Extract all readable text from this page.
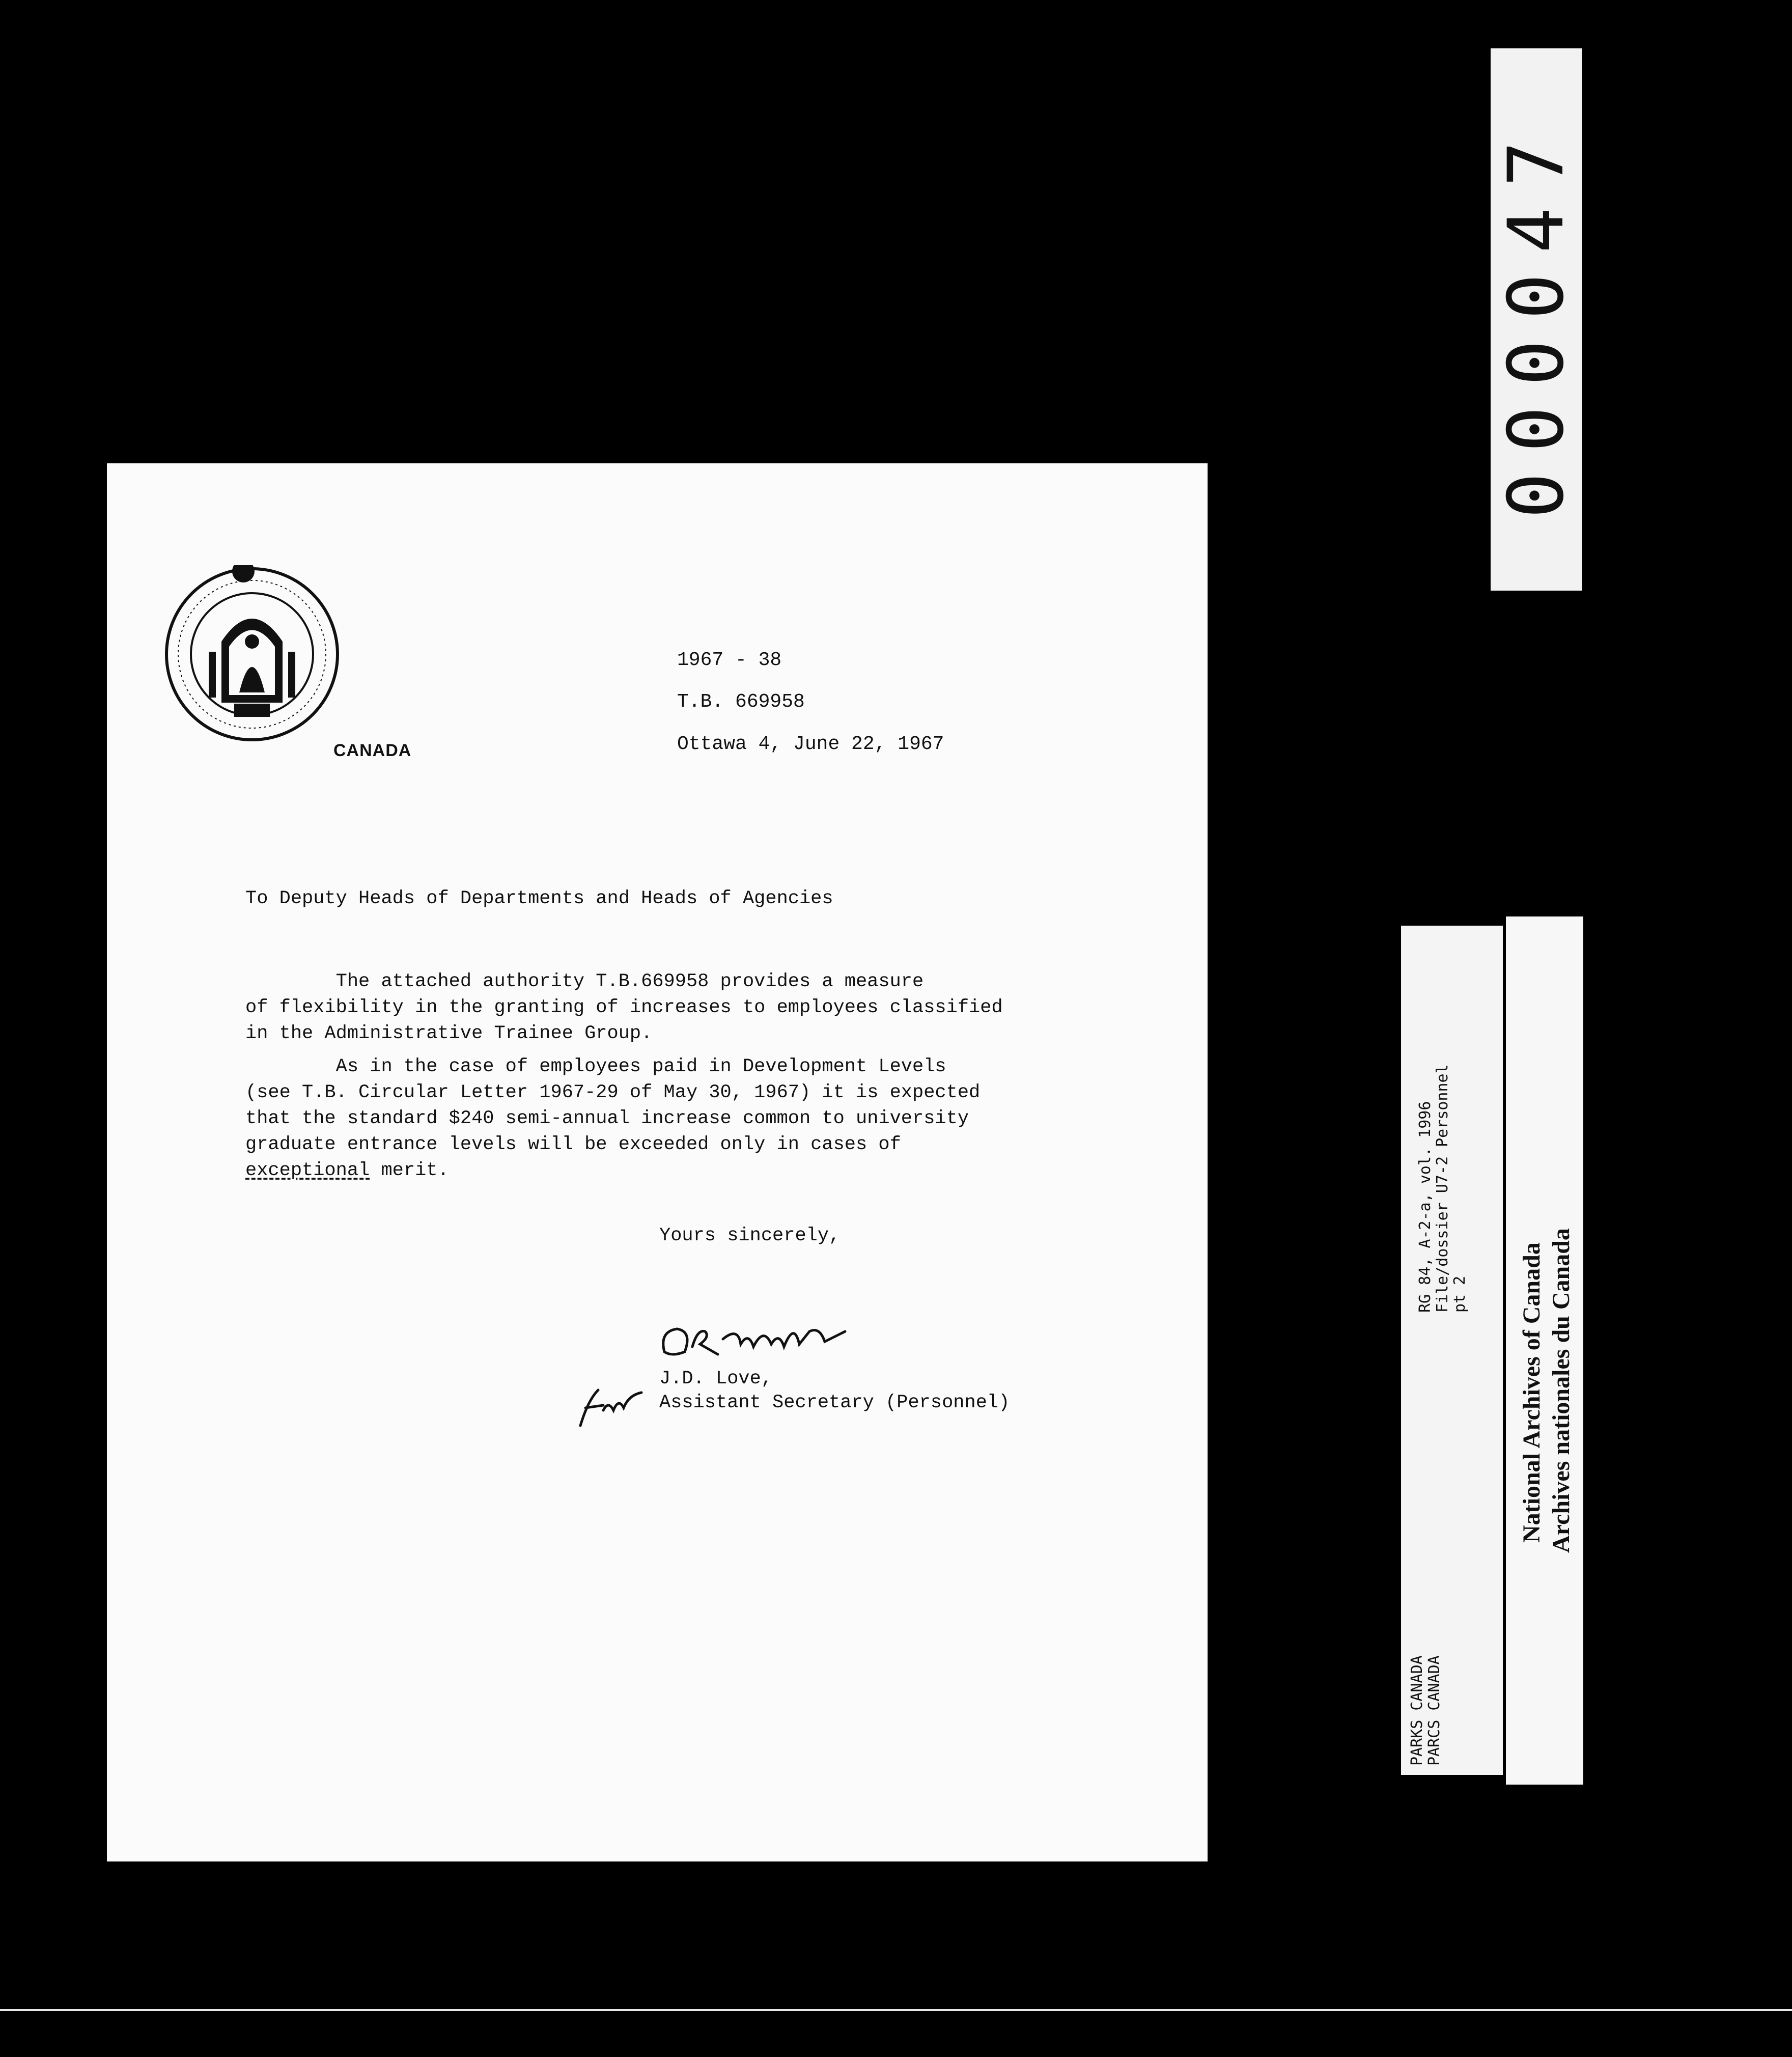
CANADA
1967 - 38
T.B. 669958
Ottawa 4, June 22, 1967
To Deputy Heads of Departments and Heads of Agencies
The attached authority T.B.669958 provides a measure
of flexibility in the granting of increases to employees classified
in the Administrative Trainee Group.
As in the case of employees paid in Development Levels
(see T.B. Circular Letter 1967-29 of May 30, 1967) it is expected
that the standard $240 semi-annual increase common to university
graduate entrance levels will be exceeded only in cases of
exceptional merit.
Yours sincerely,
J.D. Love,
Assistant Secretary (Personnel)
000047
PARKS CANADA PARCS CANADA
RG 84, A-2-a, vol. 1996 File/dossier U7-2 Personnel pt 2 National Archives of Canada Archives nationales du Canada
